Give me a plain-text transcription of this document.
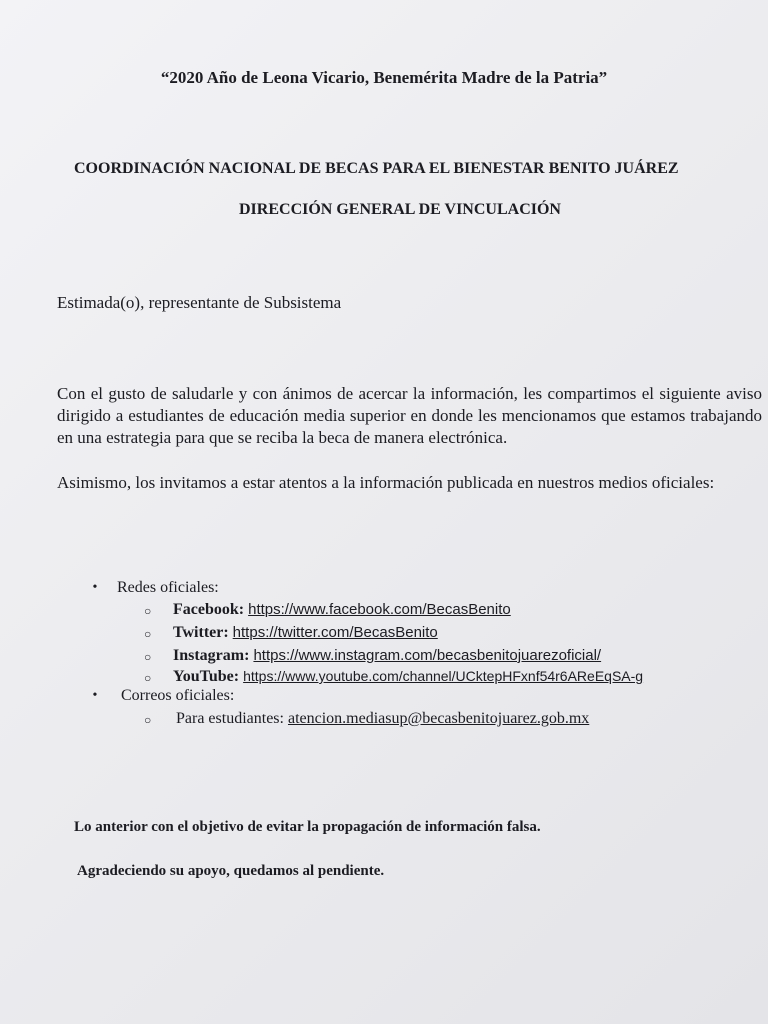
“2020 Año de Leona Vicario, Benemérita Madre de la Patria”
COORDINACIÓN NACIONAL DE BECAS PARA EL BIENESTAR BENITO JUÁREZ
DIRECCIÓN GENERAL DE VINCULACIÓN
Estimada(o), representante de Subsistema
Con el gusto de saludarle y con ánimos de acercar la información, les compartimos el siguiente aviso dirigido a estudiantes de educación media superior en donde les mencionamos que estamos trabajando en una estrategia para que se reciba la beca de manera electrónica.
Asimismo, los invitamos a estar atentos a la información publicada en nuestros medios oficiales:
• Redes oficiales:
○ Facebook: https://www.facebook.com/BecasBenito
○ Twitter: https://twitter.com/BecasBenito
○ Instagram: https://www.instagram.com/becasbenitojuarezoficial/
○ YouTube: https://www.youtube.com/channel/UCktepHFxnf54r6AReEqSA-g
• Correos oficiales:
○ Para estudiantes: atencion.mediasup@becasbenitojuarez.gob.mx
Lo anterior con el objetivo de evitar la propagación de información falsa.
Agradeciendo su apoyo, quedamos al pendiente.
